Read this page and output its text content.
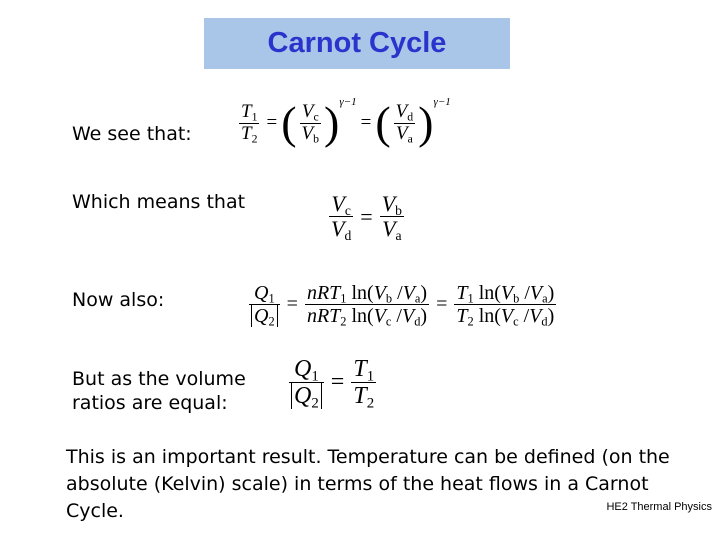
Carnot Cycle
We see that: $\frac{T_1}{T_2}$ = ( $\frac{V_c}{V_b}$ ) γ−1
= ( $\frac{V_d}{V_a}$ ) γ−1
Which means that	$\frac{V_c}{V_d} = \frac{V_b}{V_a}$
Now also:	$\frac{Q_1}{Q_2} = \frac{nRT_1 \ln(V_b /V_a)}{nRT_2 \ln(V_c /V_d)} = \frac{T_1 \ln(V_b /V_a)}{T_2 \ln(V_c /V_d)}$
But as the volume
ratios are equal:	$\frac{Q_1}{Q_2} = \frac{T_1}{T_2}$
This is an important result. Temperature can be defined (on the absolute (Kelvin) scale) in terms of the heat flows in a Carnot Cycle.	HE2 Thermal Physics
